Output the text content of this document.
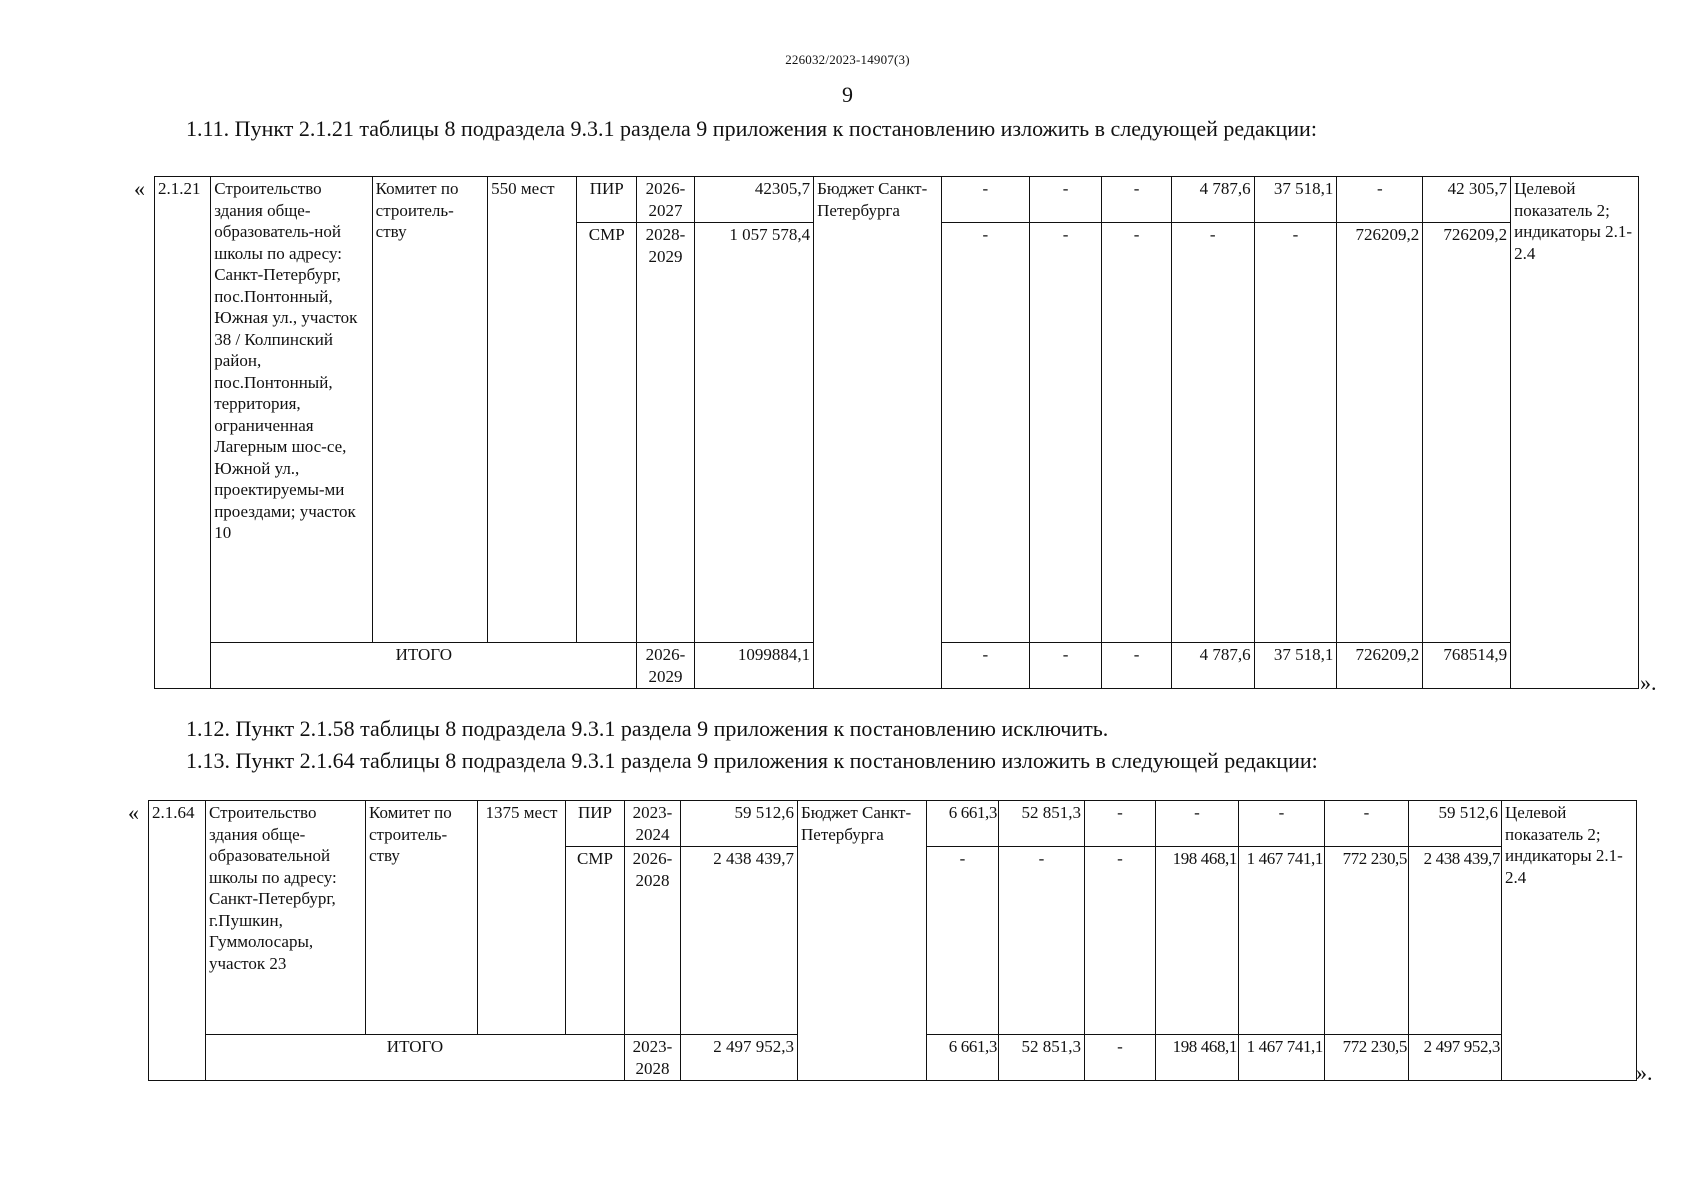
226032/2023-14907(3)
9
1.11. Пункт 2.1.21 таблицы 8 подраздела 9.3.1 раздела 9 приложения к постановлению изложить в следующей редакции:
« 2.1.21	Строительство здания обще-образователь-ной школы по адресу: Санкт-Петербург, пос.Понтонный, Южная ул., участок 38 / Колпинский район, пос.Понтонный, территория, ограниченная Лагерным шос-се, Южной ул., проектируемы-ми проездами; участок 10	Комитет по строитель-ству	550 мест	ПИР	2026-2027	42305,7	Бюджет Санкт-Петербурга	-	-	-	4 787,6	37 518,1	-	42 305,7	Целевой показатель 2; индикаторы 2.1-2.4
				СМР	2028-2029	1 057 578,4		-	-	-	-	-	726209,2	726209,2	
	ИТОГО				2026-2029	1099884,1		-	-	-	4 787,6	37 518,1	726209,2	768514,9	
».
1.12. Пункт 2.1.58 таблицы 8 подраздела 9.3.1 раздела 9 приложения к постановлению исключить.
1.13. Пункт 2.1.64 таблицы 8 подраздела 9.3.1 раздела 9 приложения к постановлению изложить в следующей редакции:
« 2.1.64	Строительство здания обще-образовательной школы по адресу: Санкт-Петербург, г.Пушкин, Гуммолосары, участок 23	Комитет по строитель-ству	1375 мест	ПИР	2023-2024	59 512,6	Бюджет Санкт-Петербурга	6 661,3	52 851,3	-	-	-	-	59 512,6	Целевой показатель 2; индикаторы 2.1-2.4
				СМР	2026-2028	2 438 439,7		-	-	-	198 468,1	1 467 741,1	772 230,5	2 438 439,7	
	ИТОГО				2023-2028	2 497 952,3		6 661,3	52 851,3	-	198 468,1	1 467 741,1	772 230,5	2 497 952,3	
».
